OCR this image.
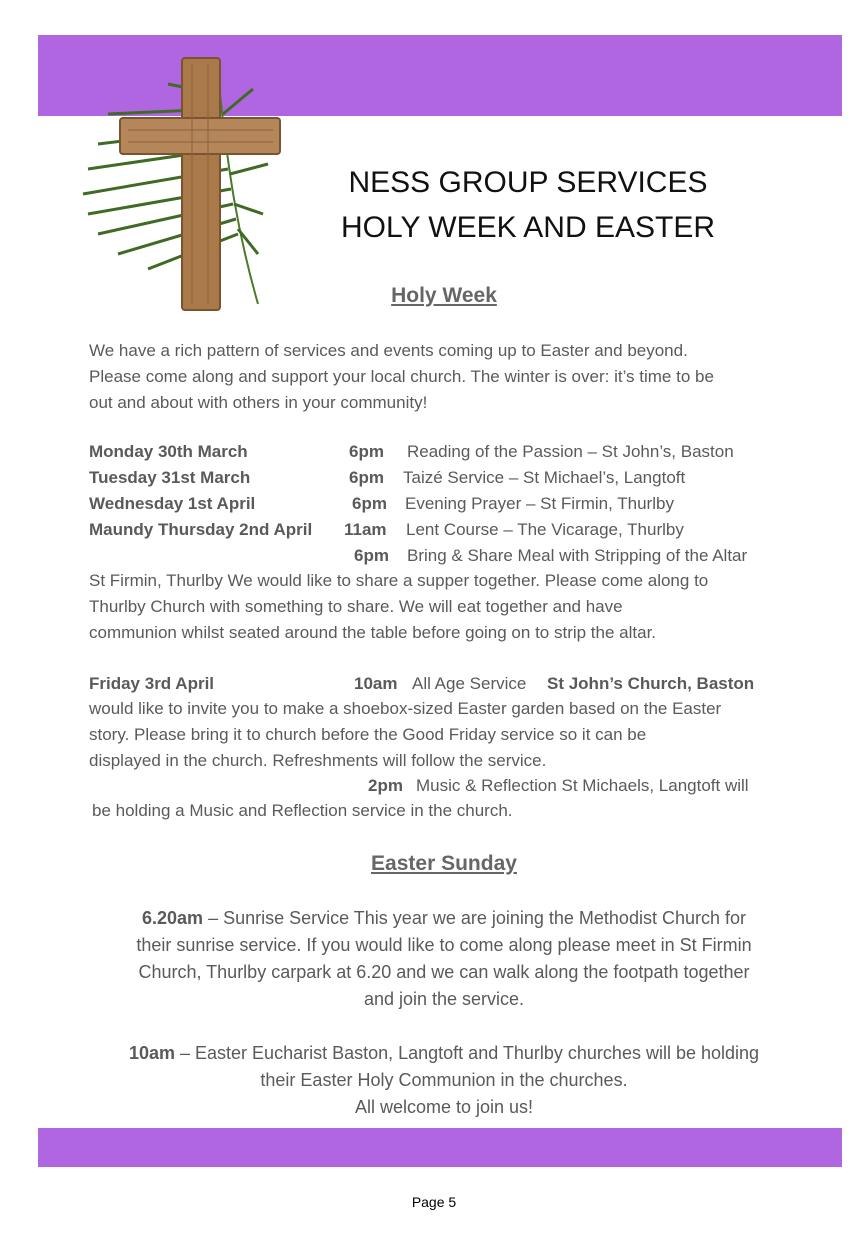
NESS GROUP SERVICES
HOLY WEEK AND EASTER
Holy Week
We have a rich pattern of services and events coming up to Easter and beyond.
Please come along and support your local church. The winter is over: it’s time to be
out and about with others in your community!
Monday 30th March	6pm Reading of the Passion – St John’s, Baston
Tuesday 31st March	6pm Taizé Service – St Michael’s, Langtoft
Wednesday 1st April	6pm Evening Prayer – St Firmin, Thurlby
Maundy Thursday 2nd April 11am Lent Course – The Vicarage, Thurlby
6pm Bring & Share Meal with Stripping of the Altar
St Firmin, Thurlby We would like to share a supper together. Please come along to
Thurlby Church with something to share. We will eat together and have
communion whilst seated around the table before going on to strip the altar.
Friday 3rd April	10am All Age Service St John’s Church, Baston
would like to invite you to make a shoebox-sized Easter garden based on the Easter
story. Please bring it to church before the Good Friday service so it can be
displayed in the church. Refreshments will follow the service.
2pm Music & Reflection St Michaels, Langtoft will
be holding a Music and Reflection service in the church.
Easter Sunday
6.20am – Sunrise Service This year we are joining the Methodist Church for
their sunrise service. If you would like to come along please meet in St Firmin
Church, Thurlby carpark at 6.20 and we can walk along the footpath together
and join the service.
10am – Easter Eucharist Baston, Langtoft and Thurlby churches will be holding
their Easter Holy Communion in the churches.
All welcome to join us!
Page 5
